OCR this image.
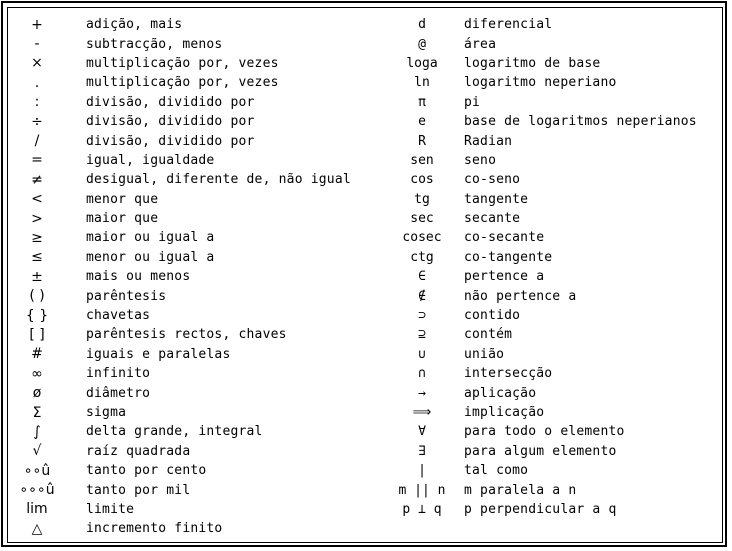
+	adição, mais
-	subtracção, menos
×	multiplicação por, vezes
.	multiplicação por, vezes
:	divisão, dividido por
÷	divisão, dividido por
/	divisão, dividido por
=	igual, igualdade
≠	desigual, diferente de, não igual
<	menor que
>	maior que
≥	maior ou igual a
≤	menor ou igual a
±	mais ou menos
( )	parêntesis
{ }	chavetas
[ ]	parêntesis rectos, chaves
#	iguais e paralelas
∞	infinito
ø	diâmetro
Σ	sigma
∫	delta grande, integral
√	raíz quadrada
∘∘û	tanto por cento
∘∘∘û	tanto por mil
lim	limite
△	incremento finito
d	diferencial
@	área
loga	logaritmo de base
ln	logaritmo neperiano
π	pi
e	base de logaritmos neperianos
R	Radian
sen	seno
cos	co-seno
tg	tangente
sec	secante
cosec	co-secante
ctg	co-tangente
∈	pertence a
∉	não pertence a
⊃	contido
⊇	contém
∪	união
∩	intersecção
→	aplicação
⟹	implicação
∀	para todo o elemento
∃	para algum elemento
|	tal como
m || n	m paralela a n
p ⊥ q	p perpendicular a q
